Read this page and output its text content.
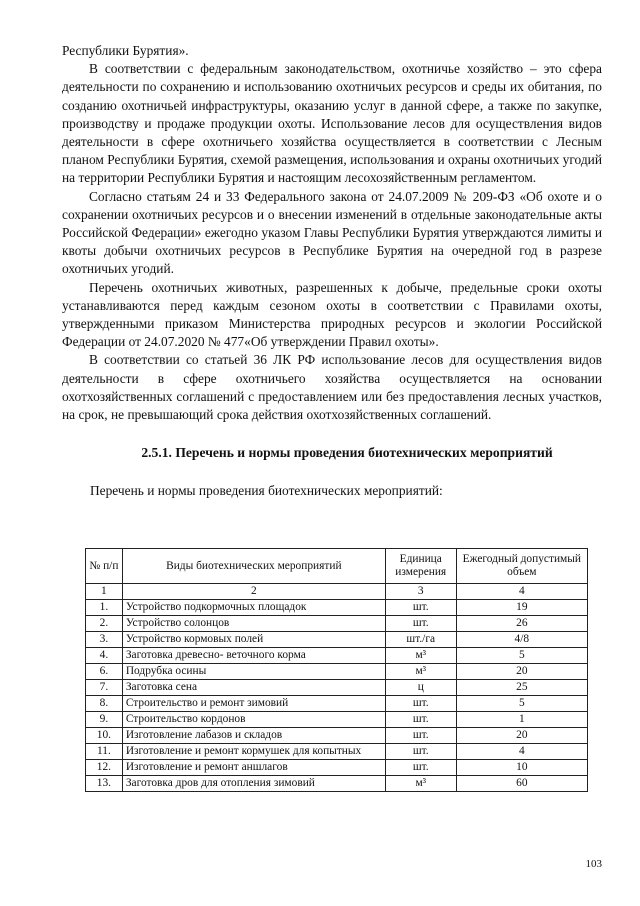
Республики Бурятия».

В соответствии с федеральным законодательством, охотничье хозяйство – это сфера деятельности по сохранению и использованию охотничьих ресурсов и среды их обитания, по созданию охотничьей инфраструктуры, оказанию услуг в данной сфере, а также по закупке, производству и продаже продукции охоты. Использование лесов для осуществления видов деятельности в сфере охотничьего хозяйства осуществляется в соответствии с Лесным планом Республики Бурятия, схемой размещения, использования и охраны охотничьих угодий на территории Республики Бурятия и настоящим лесохозяйственным регламентом.

Согласно статьям 24 и 33 Федерального закона от 24.07.2009 № 209-ФЗ «Об охоте и о сохранении охотничьих ресурсов и о внесении изменений в отдельные законодательные акты Российской Федерации» ежегодно указом Главы Республики Бурятия утверждаются лимиты и квоты добычи охотничьих ресурсов в Республике Бурятия на очередной год в разрезе охотничьих угодий.

Перечень охотничьих животных, разрешенных к добыче, предельные сроки охоты устанавливаются перед каждым сезоном охоты в соответствии с Правилами охоты, утвержденными приказом Министерства природных ресурсов и экологии Российской Федерации от 24.07.2020 № 477«Об утверждении Правил охоты».

В соответствии со статьей 36 ЛК РФ использование лесов для осуществления видов деятельности в сфере охотничьего хозяйства осуществляется на основании охотхозяйственных соглашений с предоставлением или без предоставления лесных участков, на срок, не превышающий срока действия охотхозяйственных соглашений.

2.5.1. Перечень и нормы проведения биотехнических мероприятий

Перечень и нормы проведения биотехнических мероприятий:

№ п/п	Виды биотехнических мероприятий	Единица измерения	Ежегодный допустимый объем
1	2	3	4
1.	Устройство подкормочных площадок	шт.	19
2.	Устройство солонцов	шт.	26
3.	Устройство кормовых полей	шт./га	4/8
4.	Заготовка древесно- веточного корма	м³	5
6.	Подрубка осины	м³	20
7.	Заготовка сена	ц	25
8.	Строительство и ремонт зимовий	шт.	5
9.	Строительство кордонов	шт.	1
10.	Изготовление лабазов и складов	шт.	20
11.	Изготовление и ремонт кормушек для копытных	шт.	4
12.	Изготовление и ремонт аншлагов	шт.	10
13.	Заготовка дров для отопления зимовий	м³	60
103
